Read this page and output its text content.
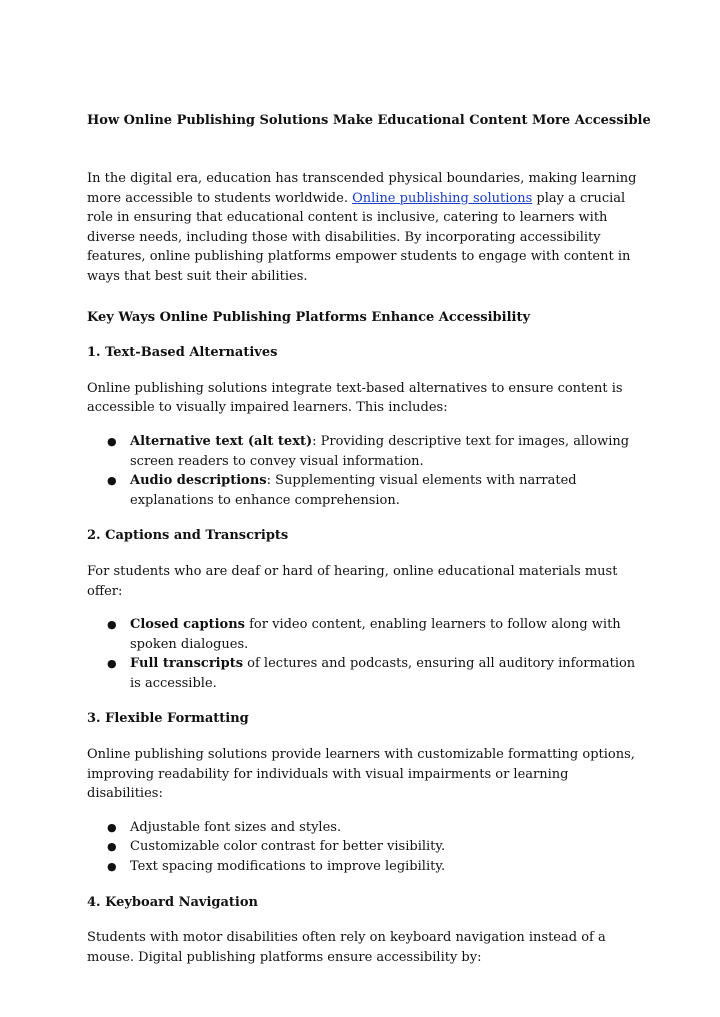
How Online Publishing Solutions Make Educational Content More Accessible

In the digital era, education has transcended physical boundaries, making learning more accessible to students worldwide. Online publishing solutions play a crucial role in ensuring that educational content is inclusive, catering to learners with diverse needs, including those with disabilities. By incorporating accessibility features, online publishing platforms empower students to engage with content in ways that best suit their abilities.

Key Ways Online Publishing Platforms Enhance Accessibility
1. Text-Based Alternatives

Online publishing solutions integrate text-based alternatives to ensure content is accessible to visually impaired learners. This includes:

● Alternative text (alt text): Providing descriptive text for images, allowing screen readers to convey visual information.
● Audio descriptions: Supplementing visual elements with narrated explanations to enhance comprehension.
2. Captions and Transcripts

For students who are deaf or hard of hearing, online educational materials must offer:

● Closed captions for video content, enabling learners to follow along with spoken dialogues.
● Full transcripts of lectures and podcasts, ensuring all auditory information is accessible.
3. Flexible Formatting

Online publishing solutions provide learners with customizable formatting options, improving readability for individuals with visual impairments or learning disabilities:

● Adjustable font sizes and styles.
● Customizable color contrast for better visibility.
● Text spacing modifications to improve legibility.
4. Keyboard Navigation

Students with motor disabilities often rely on keyboard navigation instead of a mouse. Digital publishing platforms ensure accessibility by:
